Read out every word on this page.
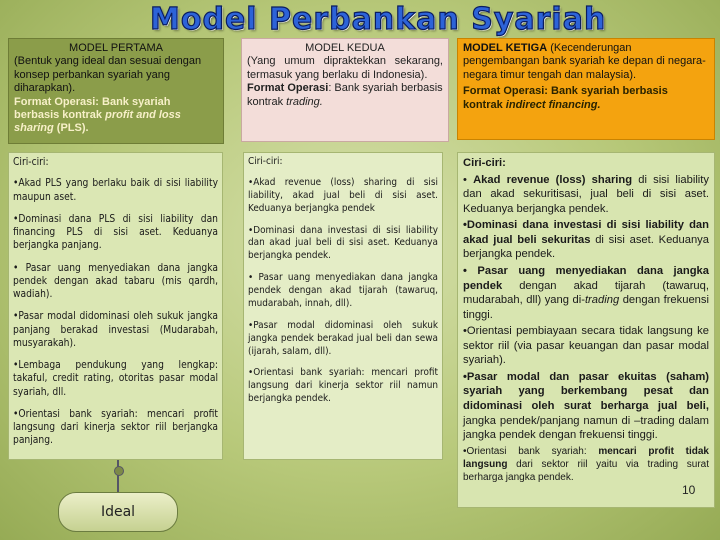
Model Perbankan Syariah
MODEL PERTAMA
(Bentuk yang ideal dan sesuai dengan konsep perbankan syariah yang diharapkan).
Format Operasi: Bank syariah berbasis kontrak profit and loss sharing (PLS).
MODEL KEDUA
(Yang umum dipraktekkan sekarang, termasuk yang berlaku di Indonesia).
Format Operasi: Bank syariah berbasis kontrak trading.
MODEL KETIGA (Kecenderungan pengembangan bank syariah ke depan di negara-negara timur tengah dan malaysia).
Format Operasi: Bank syariah berbasis kontrak indirect financing.
Ciri-ciri:

•Akad PLS yang berlaku baik di sisi liability maupun aset.

•Dominasi dana PLS di sisi liability dan financing PLS di sisi aset. Keduanya berjangka panjang.

• Pasar uang menyediakan dana jangka pendek dengan akad tabaru (mis qardh, wadiah).

•Pasar modal didominasi oleh sukuk jangka panjang berakad investasi (Mudarabah, musyarakah).

•Lembaga pendukung yang lengkap: takaful, credit rating, otoritas pasar modal syariah, dll.

•Orientasi bank syariah: mencari profit langsung dari kinerja sektor riil berjangka panjang.

Ciri-ciri:

•Akad revenue (loss) sharing di sisi liability, akad jual beli di sisi aset. Keduanya berjangka pendek

•Dominasi dana investasi di sisi liability dan akad jual beli di sisi aset. Keduanya berjangka pendek.

• Pasar uang menyediakan dana jangka pendek dengan akad tijarah (tawaruq, mudarabah, innah, dll).

•Pasar modal didominasi oleh sukuk jangka pendek berakad jual beli dan sewa (ijarah, salam, dll).

•Orientasi bank syariah: mencari profit langsung dari kinerja sektor riil namun berjangka pendek.

Ciri-ciri:

• Akad revenue (loss) sharing di sisi liability dan akad sekuritisasi, jual beli di sisi aset. Keduanya berjangka pendek.

•Dominasi dana investasi di sisi liability dan akad jual beli sekuritas di sisi aset. Keduanya berjangka pendek.

• Pasar uang menyediakan dana jangka pendek dengan akad tijarah (tawaruq, mudarabah, dll) yang di-trading dengan frekuensi tinggi.

•Orientasi pembiayaan secara tidak langsung ke sektor riil (via pasar keuangan dan pasar modal syariah).

•Pasar modal dan pasar ekuitas (saham) syariah yang berkembang pesat dan didominasi oleh surat berharga jual beli, jangka pendek/panjang namun di –trading dalam jangka pendek dengan frekuensi tinggi.

•Orientasi bank syariah: mencari profit tidak langsung dari sektor riil yaitu via trading surat berharga jangka pendek.

Ideal
10
